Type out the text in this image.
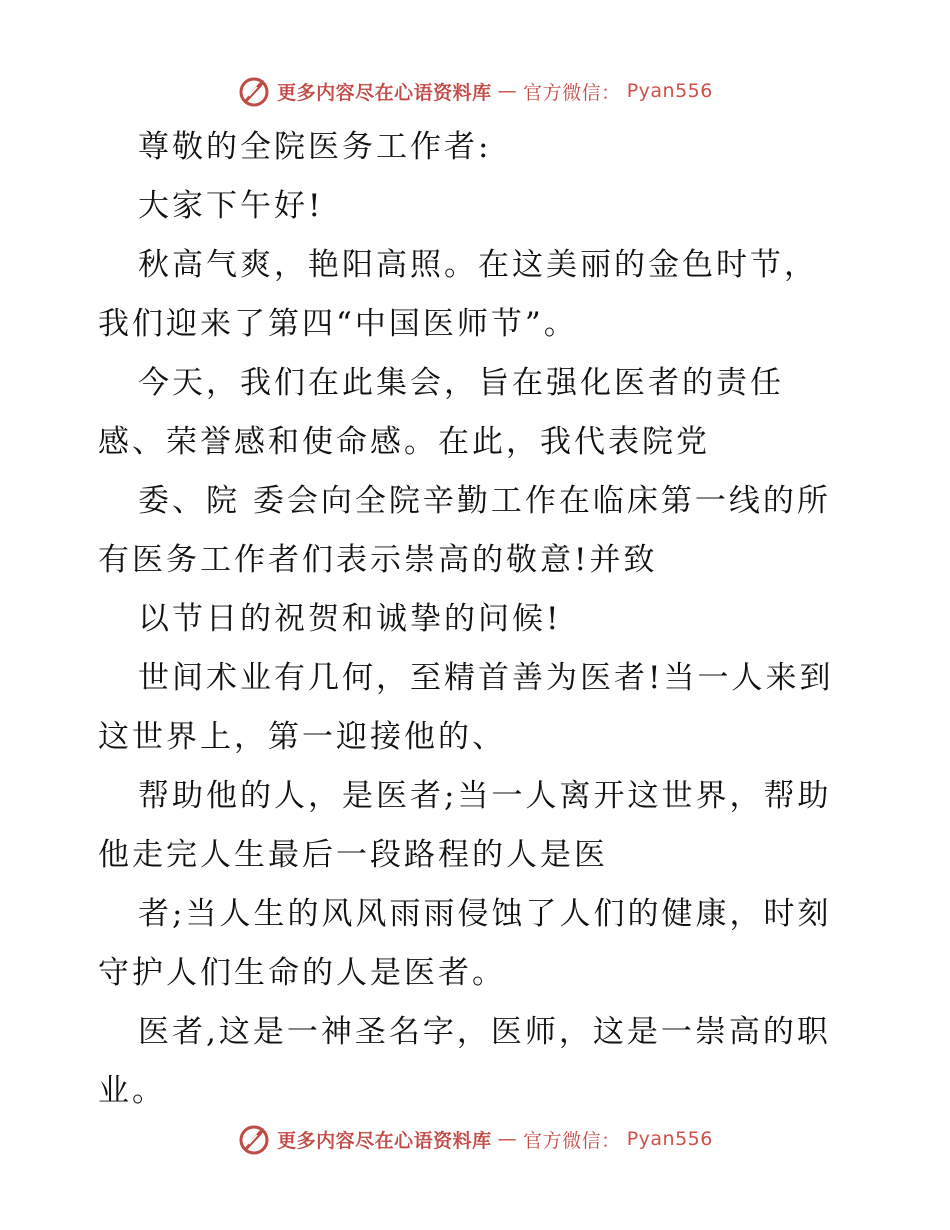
更多内容尽在心语资料库 — 官方微信： Pyan556

尊敬的全院医务工作者:

大家下午好!

秋高气爽，艳阳高照。在这美丽的金色时节，我们迎来了第四“中国医师节”。

今天，我们在此集会，旨在强化医者的责任感、荣誉感和使命感。在此，我代表院党

委、院 委会向全院辛勤工作在临床第一线的所有医务工作者们表示崇高的敬意!并致

以节日的祝贺和诚挚的问候!

世间术业有几何，至精首善为医者!当一人来到这世界上，第一迎接他的、

帮助他的人，是医者;当一人离开这世界，帮助他走完人生最后一段路程的人是医

者;当人生的风风雨雨侵蚀了人们的健康，时刻守护人们生命的人是医者。

医者,这是一神圣名字，医师，这是一崇高的职业。

更多内容尽在心语资料库 — 官方微信： Pyan556
